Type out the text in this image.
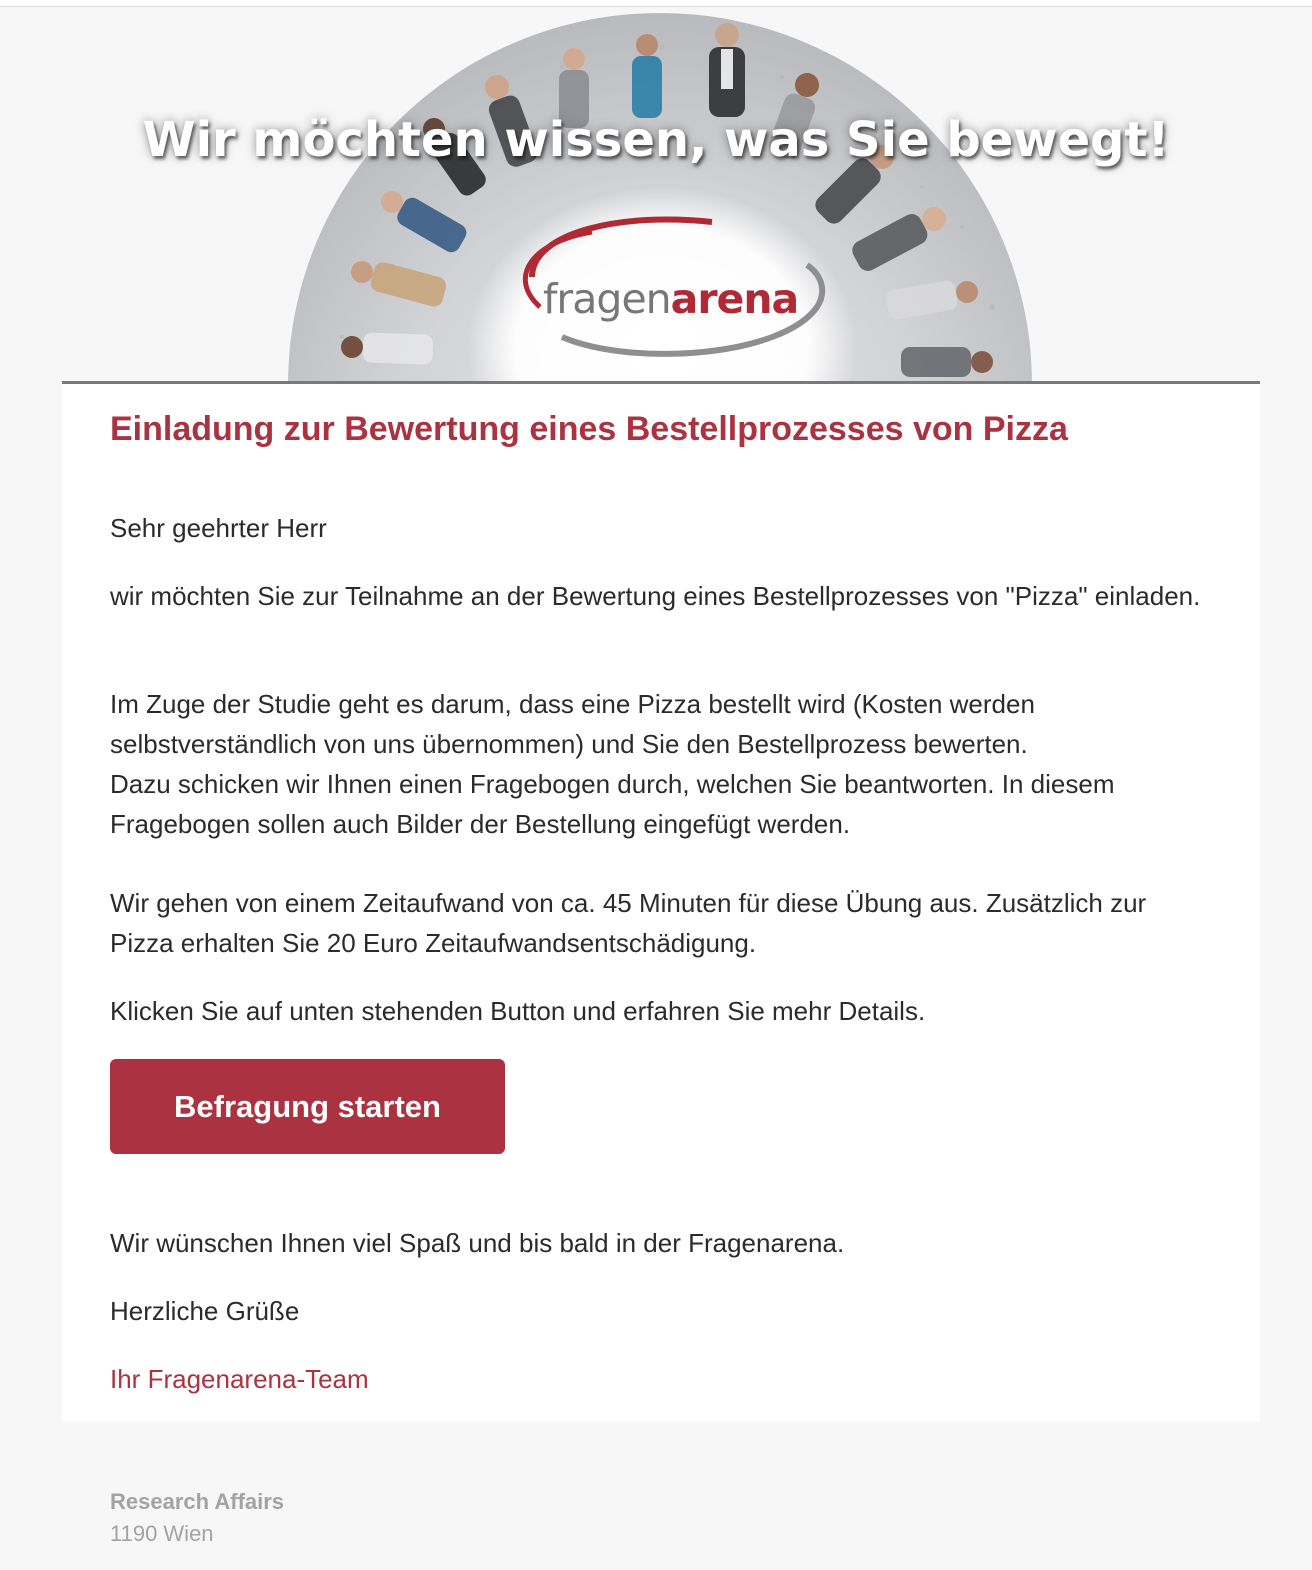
Wir möchten wissen, was Sie bewegt!
fragenarena
Einladung zur Bewertung eines Bestellprozesses von Pizza
Sehr geehrter Herr
wir möchten Sie zur Teilnahme an der Bewertung eines Bestellprozesses von "Pizza" einladen.
Im Zuge der Studie geht es darum, dass eine Pizza bestellt wird (Kosten werden selbstverständlich von uns übernommen) und Sie den Bestellprozess bewerten.
Dazu schicken wir Ihnen einen Fragebogen durch, welchen Sie beantworten. In diesem Fragebogen sollen auch Bilder der Bestellung eingefügt werden.
Wir gehen von einem Zeitaufwand von ca. 45 Minuten für diese Übung aus. Zusätzlich zur Pizza erhalten Sie 20 Euro Zeitaufwandsentschädigung.
Klicken Sie auf unten stehenden Button und erfahren Sie mehr Details.
Befragung starten
Wir wünschen Ihnen viel Spaß und bis bald in der Fragenarena.
Herzliche Grüße
Ihr Fragenarena-Team
Research Affairs
1190 Wien
